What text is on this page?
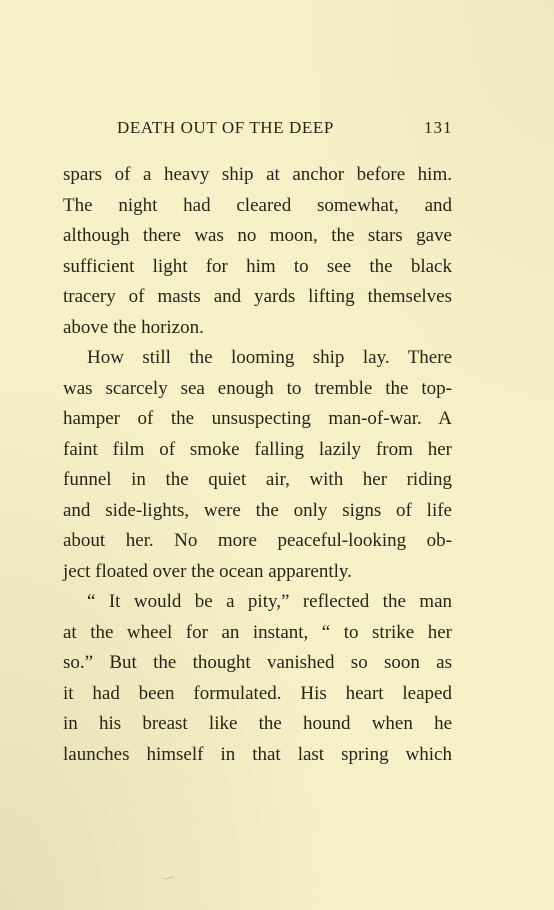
DEATH OUT OF THE DEEP	131
spars of a heavy ship at anchor before him.
The night had cleared somewhat, and
although there was no moon, the stars gave
sufficient light for him to see the black
tracery of masts and yards lifting themselves
above the horizon.
How still the looming ship lay. There
was scarcely sea enough to tremble the top-
hamper of the unsuspecting man-of-war. A
faint film of smoke falling lazily from her
funnel in the quiet air, with her riding
and side-lights, were the only signs of life
about her. No more peaceful-looking ob-
ject floated over the ocean apparently.
“ It would be a pity,” reflected the man
at the wheel for an instant, “ to strike her
so.” But the thought vanished so soon as
it had been formulated. His heart leaped
in his breast like the hound when he
launches himself in that last spring which
